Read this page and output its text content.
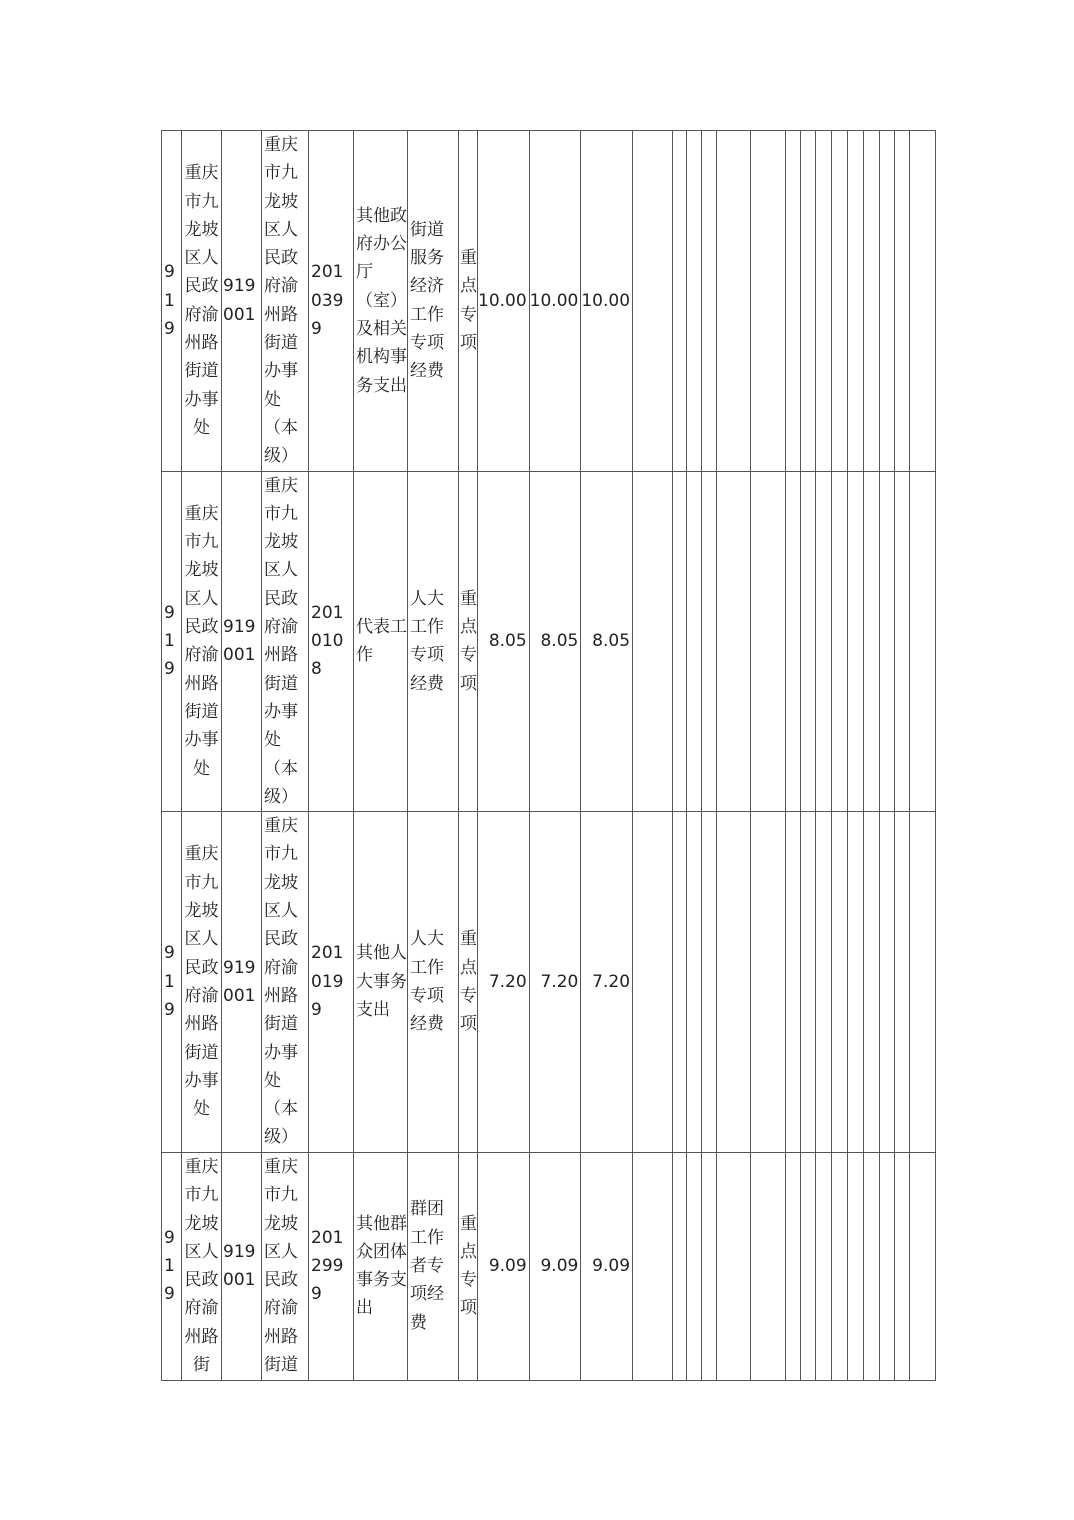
919	重庆市九龙坡区人民政府渝州路街道办事处	919001	重庆市九龙坡区人民政府渝州路街道办事处（本级）	2010399	其他政府办公厅（室）及相关机构事务支出	街道服务经济工作专项经费	重点专项	10.00	10.00	10.00															
919	重庆市九龙坡区人民政府渝州路街道办事处	919001	重庆市九龙坡区人民政府渝州路街道办事处（本级）	2010108	代表工作	人大工作专项经费	重点专项	8.05	8.05	8.05															
919	重庆市九龙坡区人民政府渝州路街道办事处	919001	重庆市九龙坡区人民政府渝州路街道办事处（本级）	2010199	其他人大事务支出	人大工作专项经费	重点专项	7.20	7.20	7.20															
919	重庆市九龙坡区人民政府渝州路街	919001	重庆市九龙坡区人民政府渝州路街道	2012999	其他群众团体事务支出	群团工作者专项经费	重点专项	9.09	9.09	9.09															
